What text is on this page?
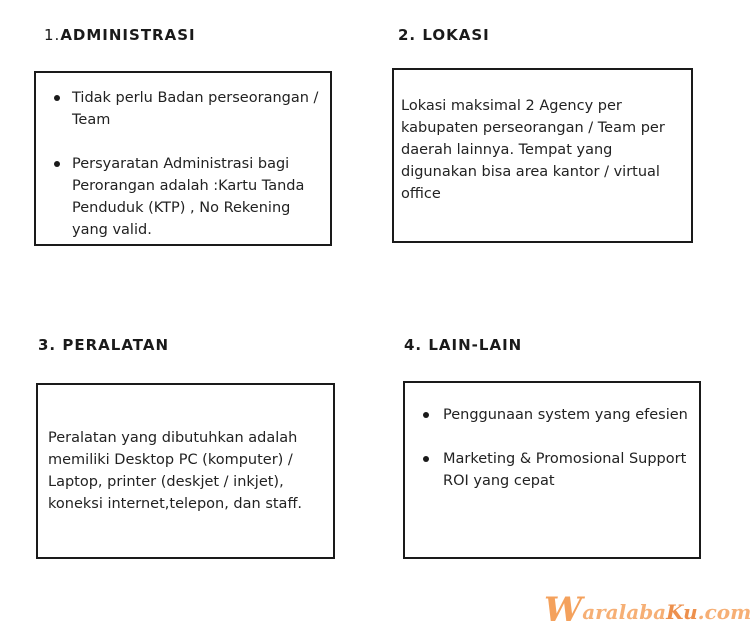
1.ADMINISTRASI
Tidak perlu Badan perseorangan / Team
Persyaratan Administrasi bagi Perorangan adalah :Kartu Tanda Penduduk (KTP) , No Rekening yang valid.
2. LOKASI
Lokasi maksimal 2 Agency per kabupaten perseorangan / Team per daerah lainnya. Tempat yang digunakan bisa area kantor / virtual office
3. PERALATAN
Peralatan yang dibutuhkan adalah memiliki Desktop PC (komputer) / Laptop, printer (deskjet / inkjet), koneksi internet,telepon, dan staff.
4. LAIN-LAIN
Penggunaan system yang efesien
Marketing & Promosional Support ROI yang cepat
WaralabaKu.com
